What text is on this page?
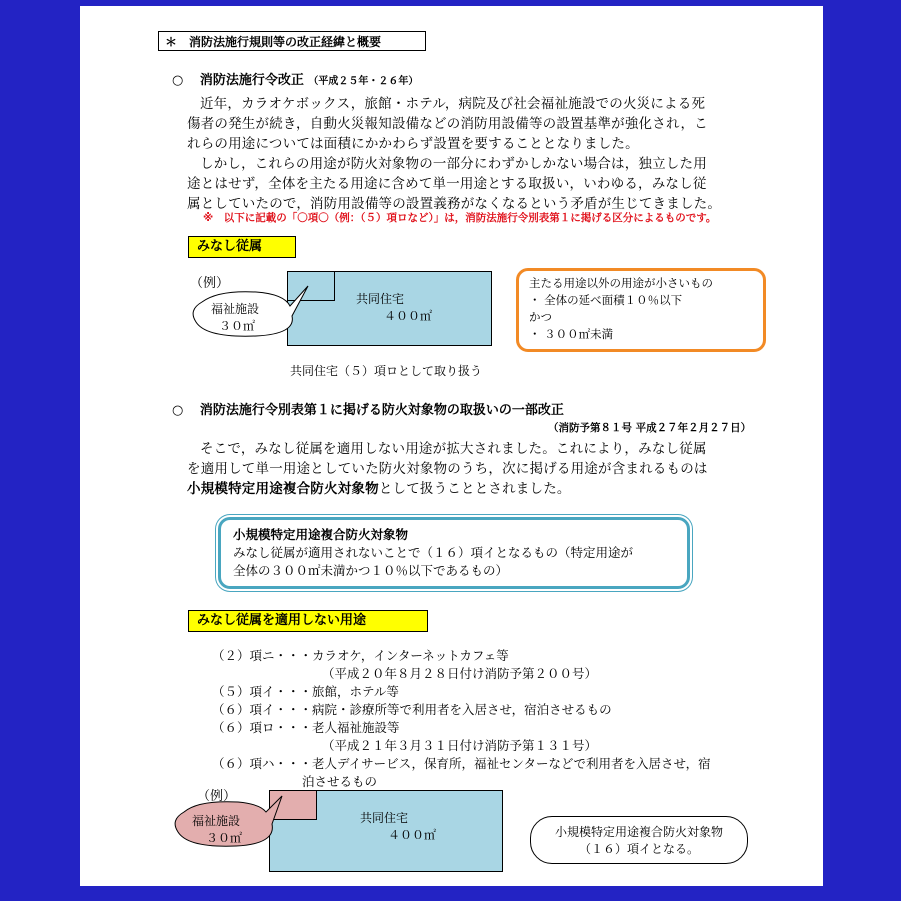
＊　消防法施行規則等の改正経緯と概要
○ 消防法施行令改正 （平成２５年・２６年）
近年，カラオケボックス，旅館・ホテル，病院及び社会福祉施設での火災による死
傷者の発生が続き，自動火災報知設備などの消防用設備等の設置基準が強化され，こ
れらの用途については面積にかかわらず設置を要することとなりました。
しかし，これらの用途が防火対象物の一部分にわずかしかない場合は，独立した用
途とはせず，全体を主たる用途に含めて単一用途とする取扱い，いわゆる，みなし従
属としていたので，消防用設備等の設置義務がなくなるという矛盾が生じてきました。
※　以下に記載の「〇項〇（例：（５）項ロなど）」は，消防法施行令別表第１に掲げる区分によるものです。
みなし従属
（例）
共同住宅
４００㎡
福祉施設
３０㎡
共同住宅（５）項ロとして取り扱う
主たる用途以外の用途が小さいもの
・ 全体の延べ面積１０％以下
かつ
・ ３００㎡未満
○ 消防法施行令別表第１に掲げる防火対象物の取扱いの一部改正
（消防予第８１号 平成２７年２月２７日）
そこで，みなし従属を適用しない用途が拡大されました。これにより，みなし従属
を適用して単一用途としていた防火対象物のうち，次に掲げる用途が含まれるものは
小規模特定用途複合防火対象物として扱うこととされました。
小規模特定用途複合防火対象物
みなし従属が適用されないことで（１６）項イとなるもの（特定用途が
全体の３００㎡未満かつ１０％以下であるもの）
みなし従属を適用しない用途
（２）項ニ・・・カラオケ，インターネットカフェ等
（平成２０年８月２８日付け消防予第２００号）
（５）項イ・・・旅館，ホテル等
（６）項イ・・・病院・診療所等で利用者を入居させ，宿泊させるもの
（６）項ロ・・・老人福祉施設等
（平成２１年３月３１日付け消防予第１３１号）
（６）項ハ・・・老人デイサービス，保育所，福祉センターなどで利用者を入居させ，宿
泊させるもの
（例）
共同住宅
４００㎡
福祉施設
３０㎡	小規模特定用途複合防火対象物
（１６）項イとなる。
